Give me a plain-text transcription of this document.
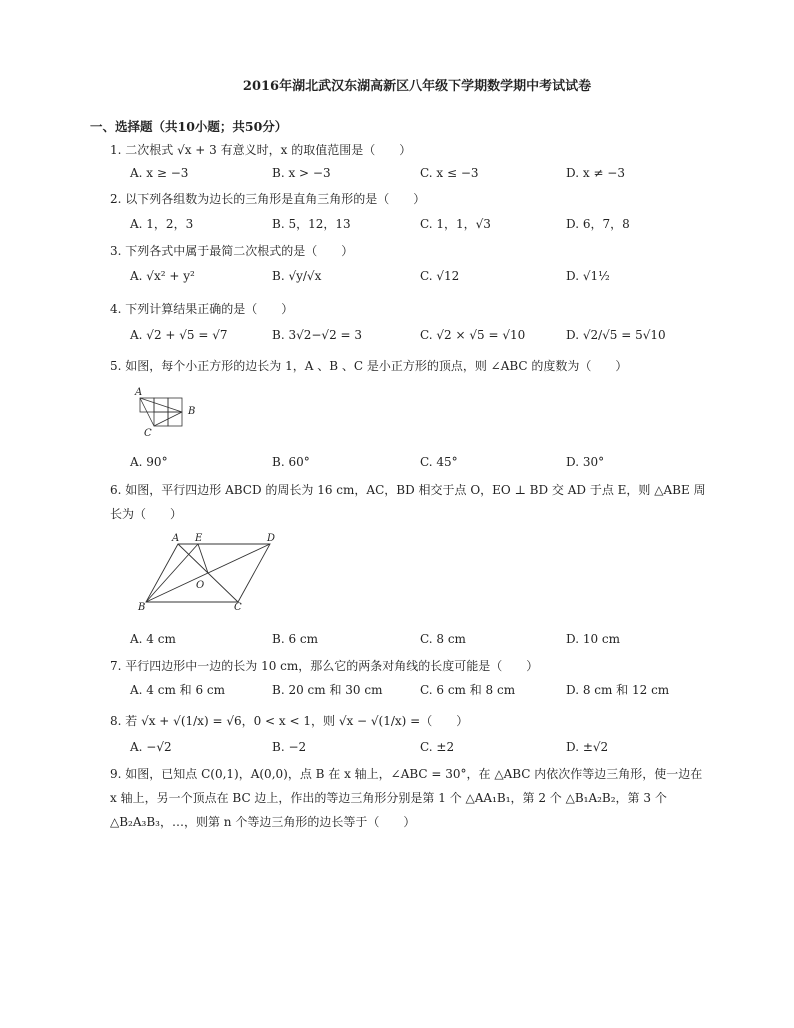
2016年湖北武汉东湖高新区八年级下学期数学期中考试试卷
一、选择题（共10小题；共50分）
1. 二次根式 √x + 3 有意义时，x 的取值范围是（　　）
A. x ≥ −3	B. x > −3	C. x ≤ −3	D. x ≠ −3
2. 以下列各组数为边长的三角形是直角三角形的是（　　）
A. 1，2，3	B. 5，12，13	C. 1，1，√3	D. 6，7，8
3. 下列各式中属于最简二次根式的是（　　）
A. √x² + y²	B. √y/√x	C. √12	D. √1½
4. 下列计算结果正确的是（　　）
A. √2 + √5 = √7	B. 3√2−√2 = 3	C. √2 × √5 = √10	D. √2/√5 = 5√10
5. 如图，每个小正方形的边长为 1，A 、B 、C 是小正方形的顶点，则 ∠ABC 的度数为（　　）
A
B
C
A. 90°	B. 60°	C. 45°	D. 30°
6. 如图，平行四边形 ABCD 的周长为 16 cm，AC，BD 相交于点 O，EO ⊥ BD 交 AD 于点 E，则 △ABE 周长为（　　）
A E	D
O
B	C
A. 4 cm	B. 6 cm	C. 8 cm	D. 10 cm
7. 平行四边形中一边的长为 10 cm，那么它的两条对角线的长度可能是（　　）
A. 4 cm 和 6 cm	B. 20 cm 和 30 cm	C. 6 cm 和 8 cm	D. 8 cm 和 12 cm
8. 若 √x + √(1/x) = √6，0 < x < 1，则 √x − √(1/x) =（　　）
A. −√2	B. −2	C. ±2	D. ±√2
9. 如图，已知点 C(0,1)，A(0,0)，点 B 在 x 轴上，∠ABC = 30°，在 △ABC 内依次作等边三角形，使一边在 x 轴上，另一个顶点在 BC 边上，作出的等边三角形分别是第 1 个 △AA₁B₁，第 2 个 △B₁A₂B₂，第 3 个 △B₂A₃B₃，…，则第 n 个等边三角形的边长等于（　　）
